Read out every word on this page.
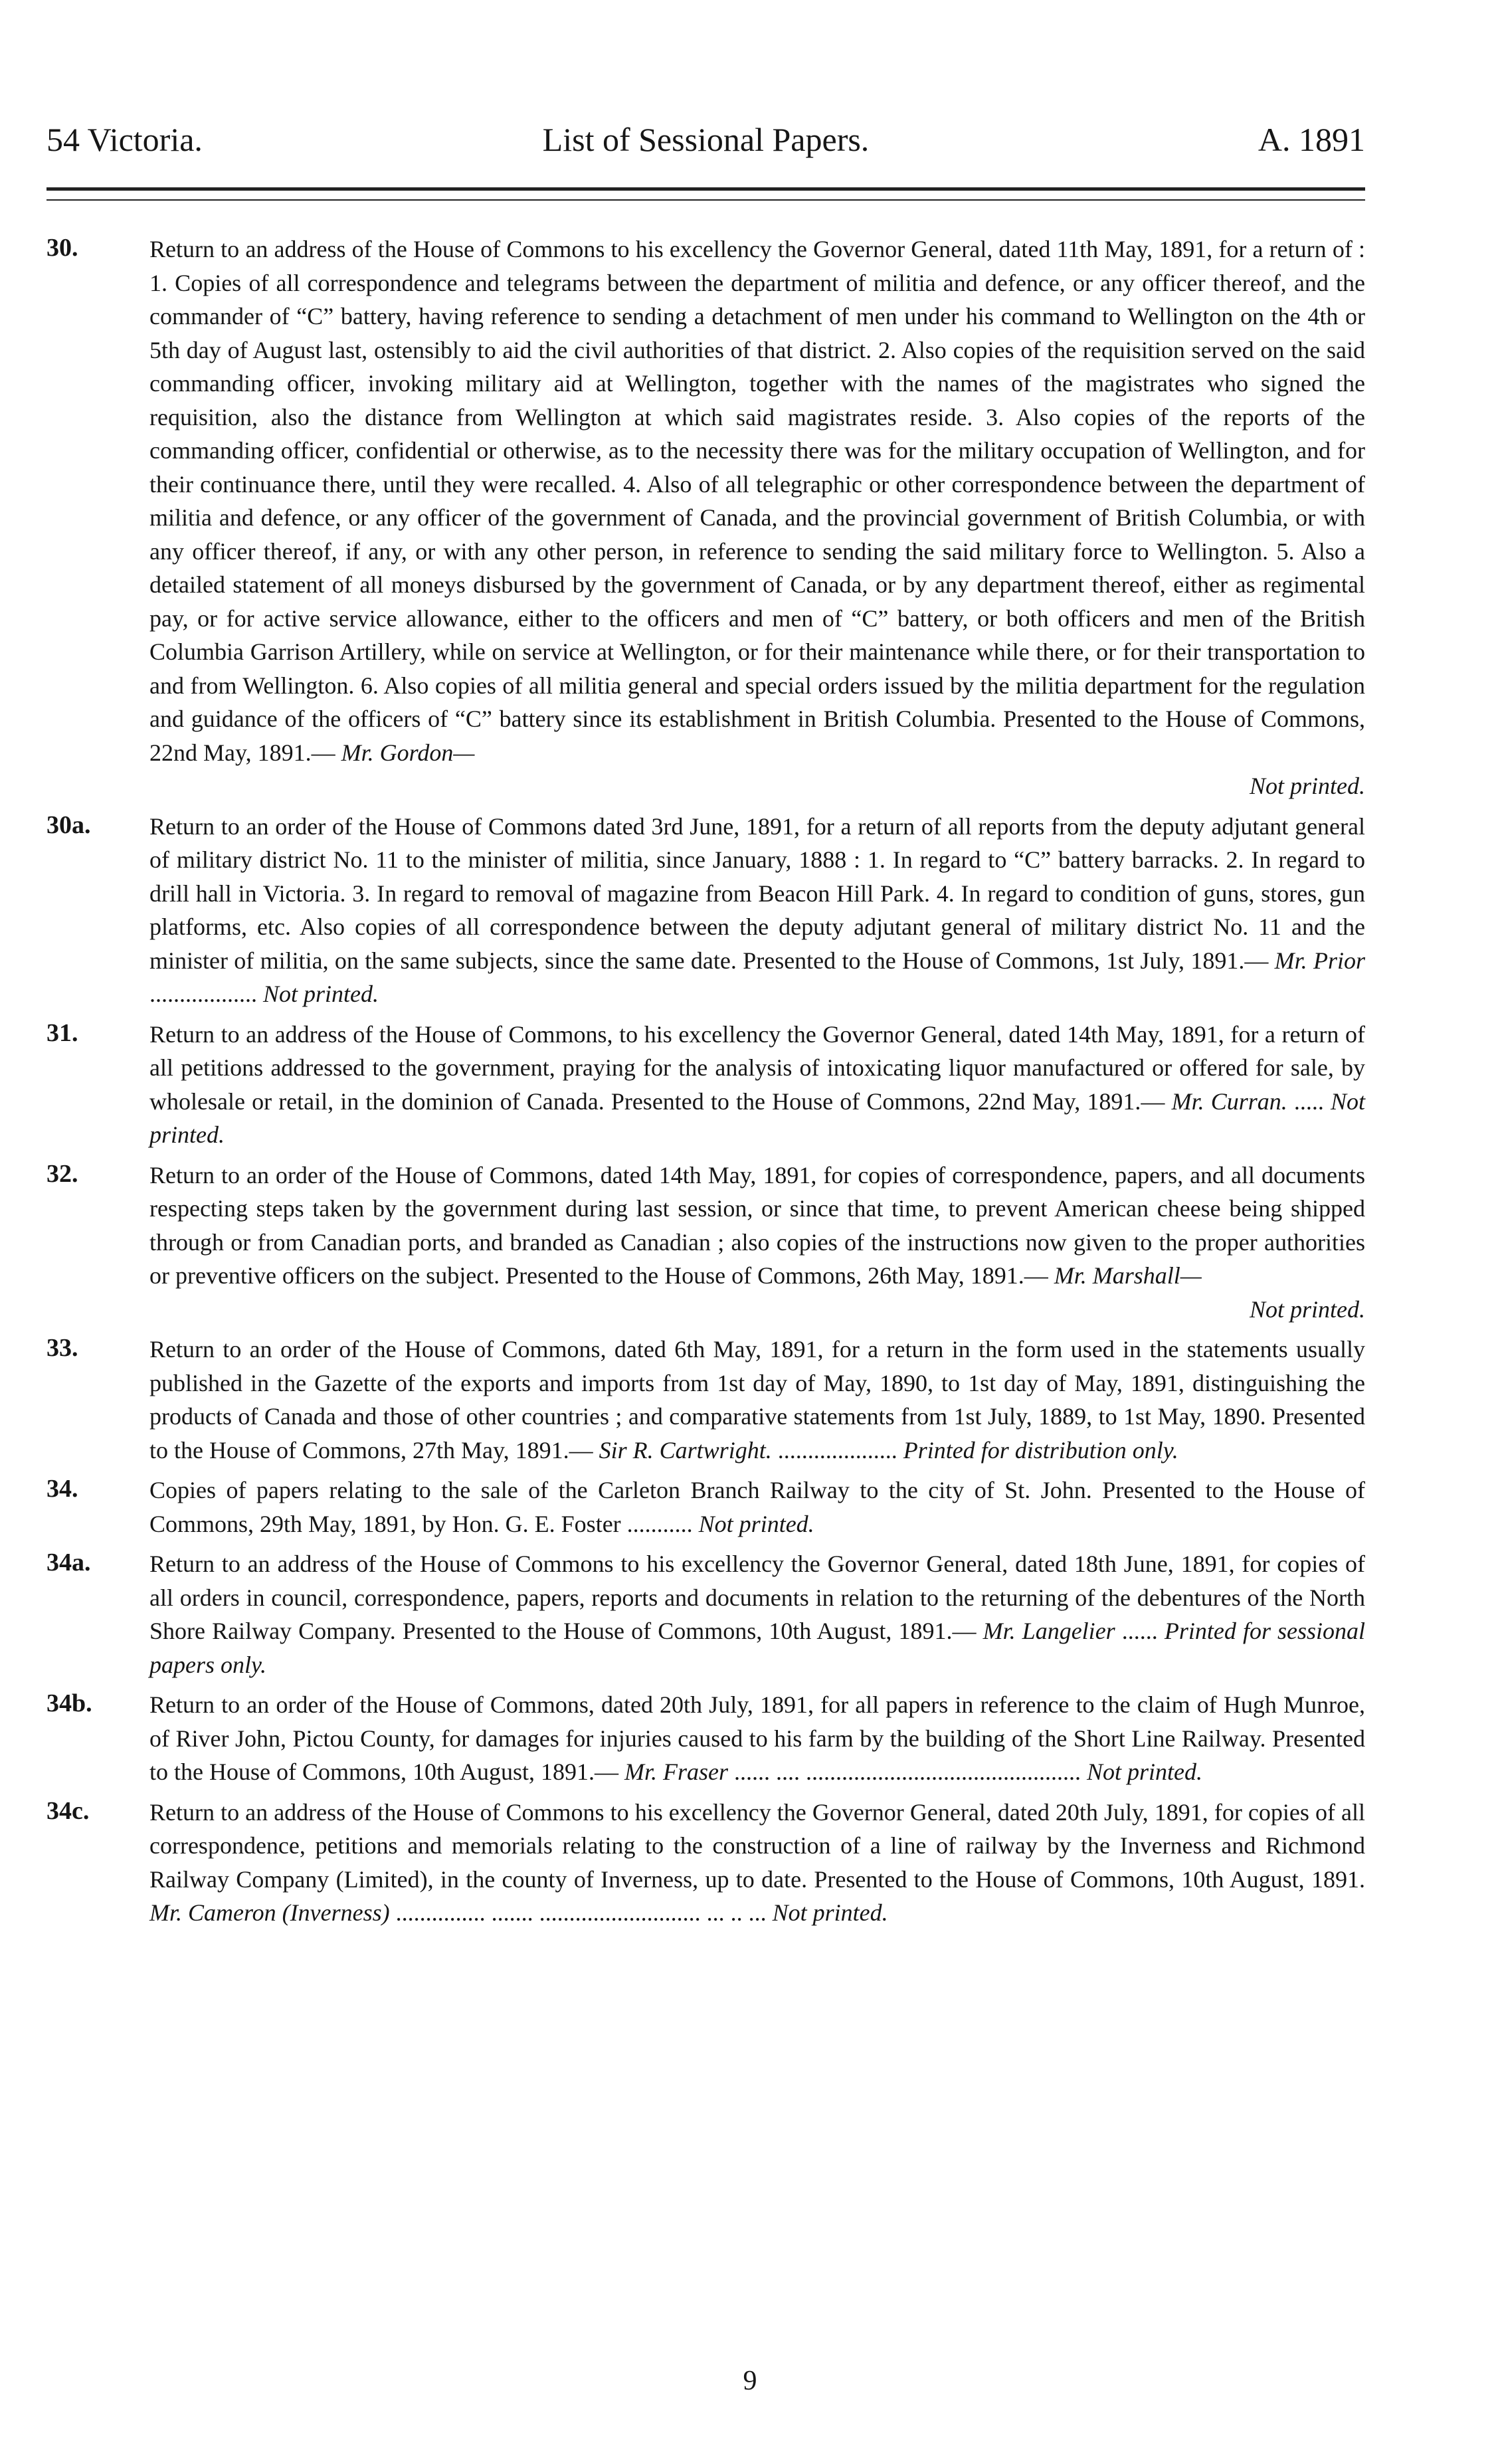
54 Victoria.	List of Sessional Papers.	A. 1891
30.	Return to an address of the House of Commons to his excellency the Governor General, dated 11th May, 1891, for a return of : 1. Copies of all correspondence and telegrams between the department of militia and defence, or any officer thereof, and the commander of “C” battery, having reference to sending a detachment of men under his command to Wellington on the 4th or 5th day of August last, ostensibly to aid the civil authorities of that district. 2. Also copies of the requisition served on the said commanding officer, invoking military aid at Wellington, together with the names of the magistrates who signed the requisition, also the distance from Wellington at which said magistrates reside. 3. Also copies of the reports of the commanding officer, confidential or otherwise, as to the necessity there was for the military occupation of Wellington, and for their continuance there, until they were recalled. 4. Also of all telegraphic or other correspondence between the department of militia and defence, or any officer of the government of Canada, and the provincial government of British Columbia, or with any officer thereof, if any, or with any other person, in reference to sending the said military force to Wellington. 5. Also a detailed statement of all moneys disbursed by the government of Canada, or by any department thereof, either as regimental pay, or for active service allowance, either to the officers and men of “C” battery, or both officers and men of the British Columbia Garrison Artillery, while on service at Wellington, or for their maintenance while there, or for their transportation to and from Wellington. 6. Also copies of all militia general and special orders issued by the militia department for the regulation and guidance of the officers of “C” battery since its establishment in British Columbia. Presented to the House of Commons, 22nd May, 1891.— Mr. Gordon—
Not printed.
30a.	Return to an order of the House of Commons dated 3rd June, 1891, for a return of all reports from the deputy adjutant general of military district No. 11 to the minister of militia, since January, 1888 : 1. In regard to “C” battery barracks. 2. In regard to drill hall in Victoria. 3. In regard to removal of magazine from Beacon Hill Park. 4. In regard to condition of guns, stores, gun platforms, etc. Also copies of all correspondence between the deputy adjutant general of military district No. 11 and the minister of militia, on the same subjects, since the same date. Presented to the House of Commons, 1st July, 1891.— Mr. Prior .................. Not printed.
31.	Return to an address of the House of Commons, to his excellency the Governor General, dated 14th May, 1891, for a return of all petitions addressed to the government, praying for the analysis of intoxicating liquor manufactured or offered for sale, by wholesale or retail, in the dominion of Canada. Presented to the House of Commons, 22nd May, 1891.— Mr. Curran. ..... Not printed.
32.	Return to an order of the House of Commons, dated 14th May, 1891, for copies of correspondence, papers, and all documents respecting steps taken by the government during last session, or since that time, to prevent American cheese being shipped through or from Canadian ports, and branded as Canadian ; also copies of the instructions now given to the proper authorities or preventive officers on the subject. Presented to the House of Commons, 26th May, 1891.— Mr. Marshall—
Not printed.
33.	Return to an order of the House of Commons, dated 6th May, 1891, for a return in the form used in the statements usually published in the Gazette of the exports and imports from 1st day of May, 1890, to 1st day of May, 1891, distinguishing the products of Canada and those of other countries ; and comparative statements from 1st July, 1889, to 1st May, 1890. Presented to the House of Commons, 27th May, 1891.— Sir R. Cartwright. .................... Printed for distribution only.
34.	Copies of papers relating to the sale of the Carleton Branch Railway to the city of St. John. Presented to the House of Commons, 29th May, 1891, by Hon. G. E. Foster ........... Not printed.
34a.	Return to an address of the House of Commons to his excellency the Governor General, dated 18th June, 1891, for copies of all orders in council, correspondence, papers, reports and documents in relation to the returning of the debentures of the North Shore Railway Company. Presented to the House of Commons, 10th August, 1891.— Mr. Langelier ...... Printed for sessional papers only.
34b.	Return to an order of the House of Commons, dated 20th July, 1891, for all papers in reference to the claim of Hugh Munroe, of River John, Pictou County, for damages for injuries caused to his farm by the building of the Short Line Railway. Presented to the House of Commons, 10th August, 1891.— Mr. Fraser ...... .... .............................................. Not printed.
34c.	Return to an address of the House of Commons to his excellency the Governor General, dated 20th July, 1891, for copies of all correspondence, petitions and memorials relating to the construction of a line of railway by the Inverness and Richmond Railway Company (Limited), in the county of Inverness, up to date. Presented to the House of Commons, 10th August, 1891. Mr. Cameron (Inverness) ............... ....... ........................... ... .. ... Not printed.
9
